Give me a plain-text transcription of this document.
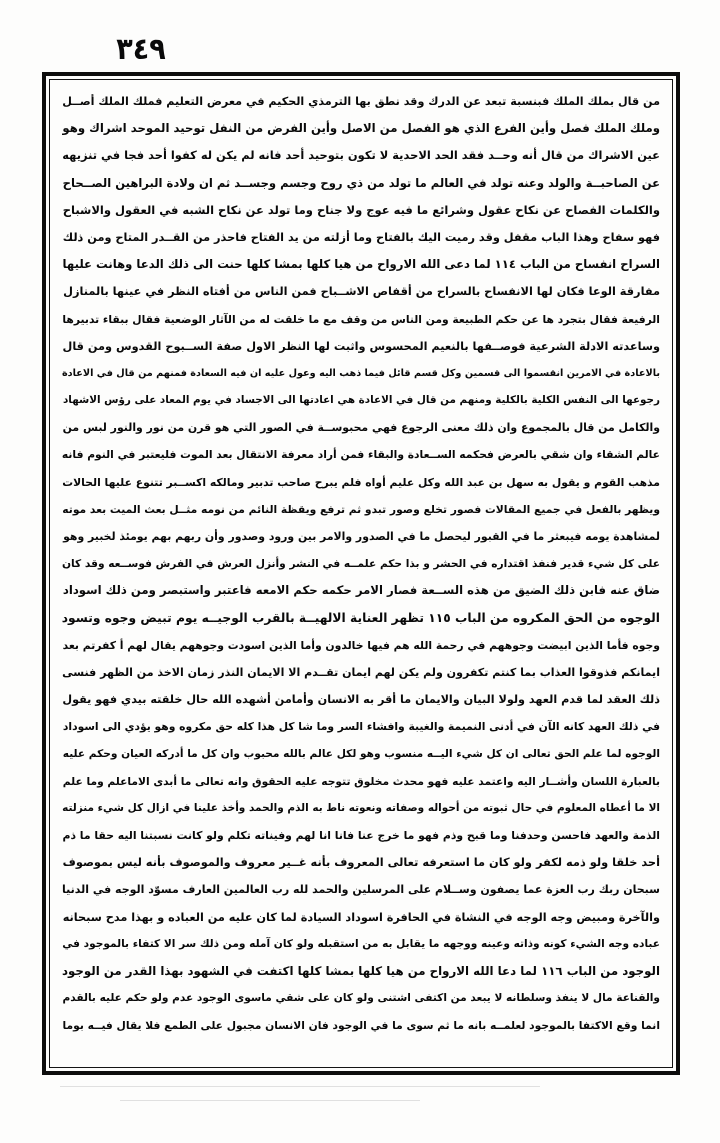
٣٤٩
من قال بملك الملك فبنسبة تبعد عن الدرك وقد نطق بها الترمذي الحكيم في معرض التعليم فملك الملك أصــل
وملك الملك فصل وأين الفرع الذي هو الفصل من الاصل وأين الفرض من النفل توحيد الموحد اشراك وهو
عين الاشراك من قال أنه وحــد فقد الحد الاحدية لا تكون بتوحيد أحد فانه لم يكن له كفوا أحد فجا في تنزيهه
عن الصاحبــة والولد وعنه تولد في العالم ما تولد من ذي روح وجسم وجســد ثم ان ولادة البراهين الصــحاح
والكلمات الفصاح عن نكاح عقول وشرائع ما فيه عوج ولا جناح وما تولد عن نكاح الشبه في العقول والاشباح
فهو سفاح وهذا الباب مقفل وقد رميت اليك بالفتاح وما أزلته من يد الفتاح فاحذر من القــدر المتاح ومن ذلك
السراح انفساح من الباب ١١٤ لما دعى الله الارواح من هيا كلها بمشا كلها حنت الى ذلك الدعا وهانت عليها
مفارقة الوعا فكان لها الانفساح بالسراح من أقفاص الاشــباح فمن الناس من أفتاه النظر في عينها بالمنازل
الرفيعة فقال بتجرد ها عن حكم الطبيعة ومن الناس من وقف مع ما خلقت له من الآثار الوضعية فقال ببقاء تدبيرها
وساعدته الادلة الشرعية فوصــفها بالنعيم المحسوس واثبت لها النظر الاول صفة الســبوح القدوس ومن قال
بالاعادة في الامرين انقسموا الى قسمين وكل قسم قائل فيما ذهب اليه وعول عليه ان فيه السعادة فمنهم من قال في الاعادة
رجوعها الى النفس الكلية بالكلية ومنهم من قال في الاعادة هي اعادتها الى الاجساد في يوم المعاد على رؤس الاشهاد
والكامل من قال بالمجموع وان ذلك معنى الرجوع فهي محبوســة في الصور التي هو قرن من نور والنور لبس من
عالم الشقاء وان شقي بالعرض فحكمه الســعادة والبقاء فمن أراد معرفة الانتقال بعد الموت فليعتبر في النوم فانه
مذهب القوم و يقول به سهل بن عبد الله وكل عليم أواه فلم يبرح صاحب تدبير ومالكه اكســبر تتنوع عليها الحالات
ويظهر بالفعل في جميع المقالات فصور تخلع وصور تبدو ثم ترفع ويقظة النائم من نومه مثــل بعث الميت بعد موته
لمشاهدة يومه فيبعثر ما في القبور ليحصل ما في الصدور والامر بين ورود وصدور وأن ربهم بهم يومئذ لخبير وهو
على كل شيء قدير فنفذ اقتداره في الحشر و بذا حكم علمــه في النشر وأنزل العرش في الفرش فوســعه وقد كان
ضاق عنه فابن ذلك الضيق من هذه الســعة فصار الامر حكمه حكم الامعه فاعتبر واستبصر ومن ذلك اسوداد
الوجوه من الحق المكروه من الباب ١١٥ تظهر العناية الالهيــة بالقرب الوجيــه يوم تبيض وجوه وتسود
وجوه فأما الذين ابيضت وجوههم في رحمة الله هم فيها خالدون وأما الذين اسودت وجوههم يقال لهم أ كفرتم بعد
ايمانكم فذوقوا العذاب بما كنتم تكفرون ولم يكن لهم ايمان تقــدم الا الايمان النذر زمان الاخذ من الظهر فنسى
ذلك العقد لما قدم العهد ولولا البيان والايمان ما أقر به الانسان وأمامن أشهده الله حال خلقته بيدي فهو يقول
في ذلك العهد كانه الآن في أدنى النميمة والغيبة وافشاء السر وما شا كل هذا كله حق مكروه وهو يؤدي الى اسوداد
الوجوه لما علم الحق تعالى ان كل شيء اليــه منسوب وهو لكل عالم بالله محبوب وان كل ما أدركه العيان وحكم عليه
بالعبارة اللسان وأشــار اليه واعتمد عليه فهو محدث مخلوق تتوجه عليه الحقوق وانه تعالى ما أبدى الاماعلم وما علم
الا ما أعطاه المعلوم في حال ثبوته من أحواله وصفاته ونعوته ناط به الذم والحمد وأخذ علينا في ازال كل شيء منزلته
الذمة والعهد فاحسن وحدفنا وما قبح وذم فهو ما خرج عنا فانا انا لهم وفيناته تكلم ولو كانت نسبتنا اليه حقا ما ذم
أحد خلقا ولو ذمه لكفر ولو كان ما استعرفه تعالى المعروف بأنه غــير معروف والموصوف بأنه ليس بموصوف
سبحان ربك رب العزة عما يصفون وســلام على المرسلين والحمد لله رب العالمين العارف مسوّد الوجه في الدنيا
والآخرة ومبيض وجه الوجه في النشاة في الحافرة اسوداد السيادة لما كان عليه من العباده و بهذا مدح سبحانه
عباده وجه الشيء كونه وذاته وعينه ووجهه ما يقابل به من استقبله ولو كان آمله ومن ذلك سر الا كتفاء بالموجود في
الوجود من الباب ١١٦ لما دعا الله الارواح من هيا كلها بمشا كلها اكتفت في الشهود بهذا القدر من الوجود
والقناعة مال لا ينفذ وسلطانه لا يبعد من اكتفى اشتنى ولو كان على شقي ماسوى الوجود عدم ولو حكم عليه بالقدم
انما وقع الاكتفا بالموجود لعلمــه بانه ما ثم سوى ما في الوجود فان الانسان مجبول على الطمع فلا يقال فيــه بوما
